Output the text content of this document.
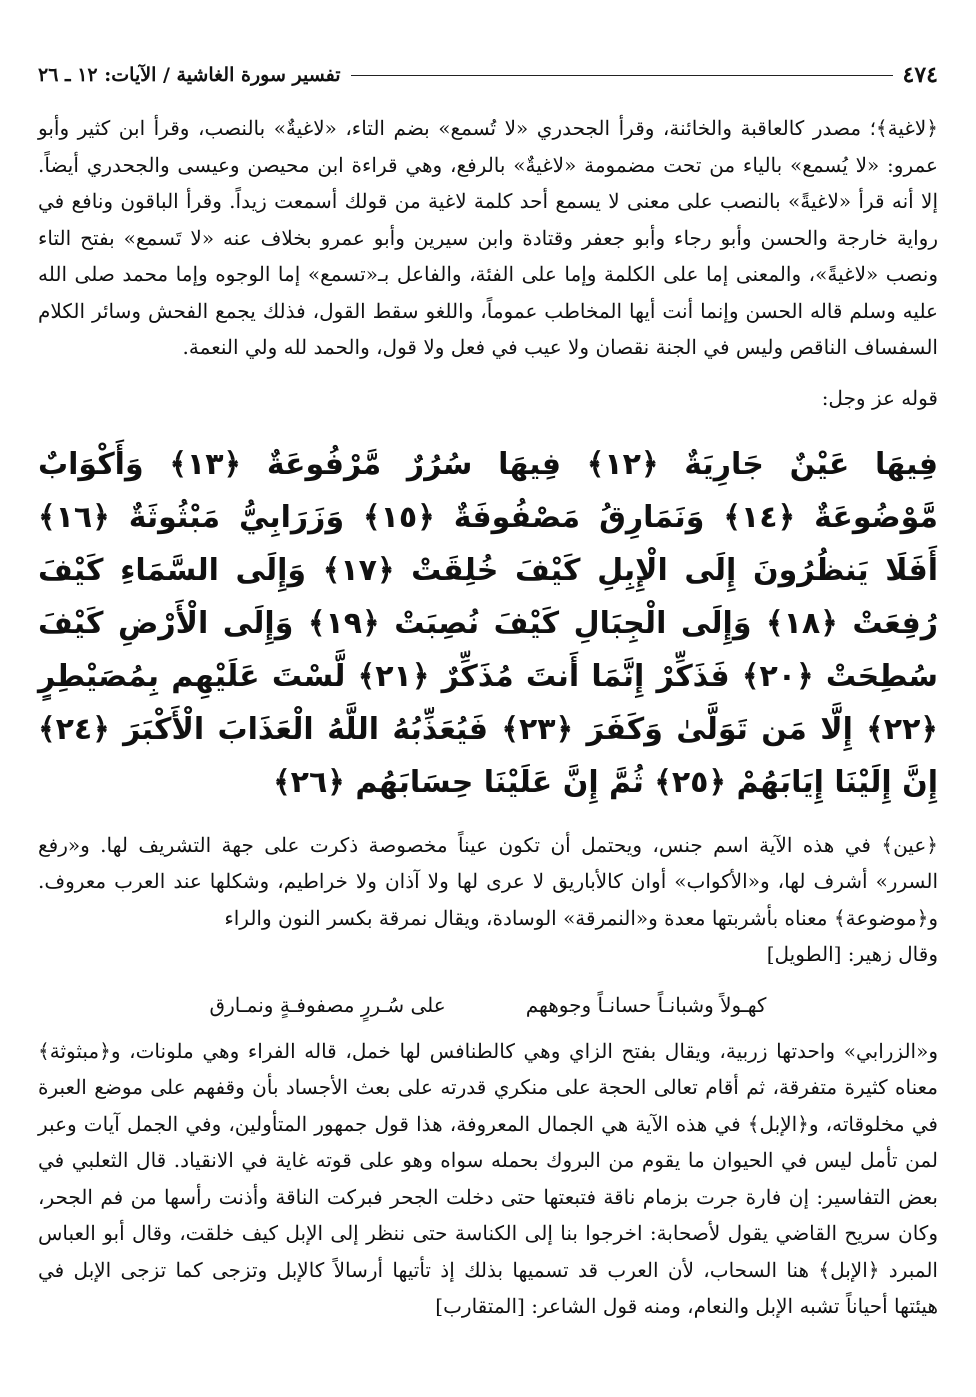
٤٧٤
تفسير سورة الغاشية / الآيات: ١٢ ـ ٢٦

﴿لاغية﴾؛ مصدر كالعاقبة والخائنة، وقرأ الجحدري «لا تُسمع» بضم التاء، «لاغيةٌ» بالنصب، وقرأ ابن كثير وأبو عمرو: «لا يُسمع» بالياء من تحت مضمومة «لاغيةٌ» بالرفع، وهي قراءة ابن محيصن وعيسى والجحدري أيضاً. إلا أنه قرأ «لاغيةً» بالنصب على معنى لا يسمع أحد كلمة لاغية من قولك أسمعت زيداً. وقرأ الباقون ونافع في رواية خارجة والحسن وأبو رجاء وأبو جعفر وقتادة وابن سيرين وأبو عمرو بخلاف عنه «لا تَسمع» بفتح التاء ونصب «لاغيةً»، والمعنى إما على الكلمة وإما على الفئة، والفاعل بـ«تسمع» إما الوجوه وإما محمد صلى الله عليه وسلم قاله الحسن وإنما أنت أيها المخاطب عموماً، واللغو سقط القول، فذلك يجمع الفحش وسائر الكلام السفساف الناقص وليس في الجنة نقصان ولا عيب في فعل ولا قول، والحمد لله ولي النعمة.

قوله عز وجل:

فِيهَا عَيْنٌ جَارِيَةٌ ﴿١٢﴾ فِيهَا سُرُرٌ مَّرْفُوعَةٌ ﴿١٣﴾ وَأَكْوَابٌ مَّوْضُوعَةٌ ﴿١٤﴾ وَنَمَارِقُ مَصْفُوفَةٌ ﴿١٥﴾ وَزَرَابِيُّ مَبْثُوثَةٌ ﴿١٦﴾ أَفَلَا يَنظُرُونَ إِلَى الْإِبِلِ كَيْفَ خُلِقَتْ ﴿١٧﴾ وَإِلَى السَّمَاءِ كَيْفَ رُفِعَتْ ﴿١٨﴾ وَإِلَى الْجِبَالِ كَيْفَ نُصِبَتْ ﴿١٩﴾ وَإِلَى الْأَرْضِ كَيْفَ سُطِحَتْ ﴿٢٠﴾ فَذَكِّرْ إِنَّمَا أَنتَ مُذَكِّرٌ ﴿٢١﴾ لَّسْتَ عَلَيْهِم بِمُصَيْطِرٍ ﴿٢٢﴾ إِلَّا مَن تَوَلَّىٰ وَكَفَرَ ﴿٢٣﴾ فَيُعَذِّبُهُ اللَّهُ الْعَذَابَ الْأَكْبَرَ ﴿٢٤﴾ إِنَّ إِلَيْنَا إِيَابَهُمْ ﴿٢٥﴾ ثُمَّ إِنَّ عَلَيْنَا حِسَابَهُم ﴿٢٦﴾

﴿عين﴾ في هذه الآية اسم جنس، ويحتمل أن تكون عيناً مخصوصة ذكرت على جهة التشريف لها. و«رفع السرر» أشرف لها، و«الأكواب» أوان كالأباريق لا عرى لها ولا آذان ولا خراطيم، وشكلها عند العرب معروف. و﴿موضوعة﴾ معناه بأشربتها معدة و«النمرقة» الوسادة، ويقال نمرقة بكسر النون والراء

وقال زهير: [الطويل]

كهـولاً وشبانـاً حسانـاً وجوههم
على سُـررٍ مصفوفـةٍ ونمـارق

و«الزرابي» واحدتها زربية، ويقال بفتح الزاي وهي كالطنافس لها خمل، قاله الفراء وهي ملونات، و﴿مبثوثة﴾ معناه كثيرة متفرقة، ثم أقام تعالى الحجة على منكري قدرته على بعث الأجساد بأن وقفهم على موضع العبرة في مخلوقاته، و﴿الإبل﴾ في هذه الآية هي الجمال المعروفة، هذا قول جمهور المتأولين، وفي الجمل آيات وعبر لمن تأمل ليس في الحيوان ما يقوم من البروك بحمله سواه وهو على قوته غاية في الانقياد. قال الثعلبي في بعض التفاسير: إن فارة جرت بزمام ناقة فتبعتها حتى دخلت الجحر فبركت الناقة وأذنت رأسها من فم الجحر، وكان سريح القاضي يقول لأصحابة: اخرجوا بنا إلى الكناسة حتى ننظر إلى الإبل كيف خلقت، وقال أبو العباس المبرد ﴿الإبل﴾ هنا السحاب، لأن العرب قد تسميها بذلك إذ تأتيها أرسالاً كالإبل وتزجى كما تزجى الإبل في هيئتها أحياناً تشبه الإبل والنعام، ومنه قول الشاعر: [المتقارب]
